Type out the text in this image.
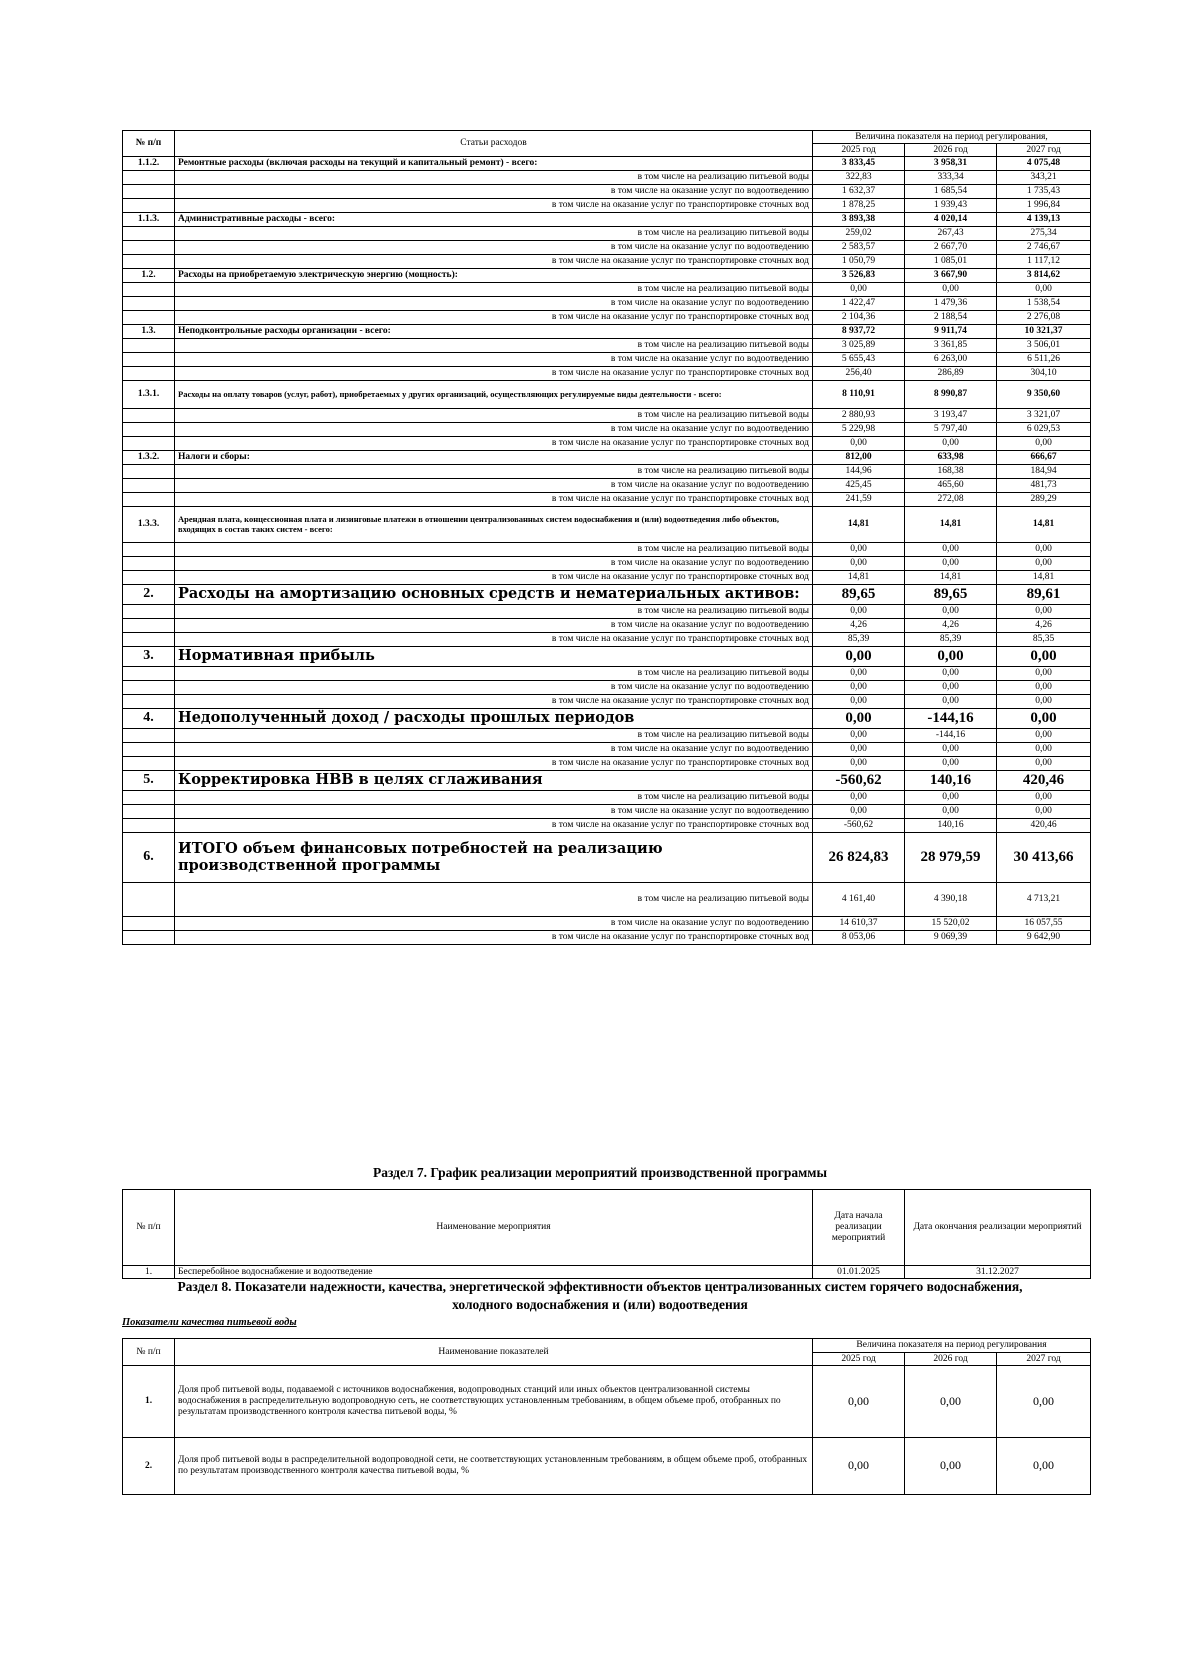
№ п/п	Статьи расходов	Величина показателя на период регулирования,		
		2025 год	2026 год	2027 год
1.1.2.	Ремонтные расходы (включая расходы на текущий и капитальный ремонт) - всего:	3 833,45	3 958,31	4 075,48
	в том числе на реализацию питьевой воды	322,83	333,34	343,21
	в том числе на оказание услуг по водоотведению	1 632,37	1 685,54	1 735,43
	в том числе на оказание услуг по транспортировке сточных вод	1 878,25	1 939,43	1 996,84
1.1.3.	Административные расходы - всего:	3 893,38	4 020,14	4 139,13
	в том числе на реализацию питьевой воды	259,02	267,43	275,34
	в том числе на оказание услуг по водоотведению	2 583,57	2 667,70	2 746,67
	в том числе на оказание услуг по транспортировке сточных вод	1 050,79	1 085,01	1 117,12
1.2.	Расходы на приобретаемую электрическую энергию (мощность):	3 526,83	3 667,90	3 814,62
	в том числе на реализацию питьевой воды	0,00	0,00	0,00
	в том числе на оказание услуг по водоотведению	1 422,47	1 479,36	1 538,54
	в том числе на оказание услуг по транспортировке сточных вод	2 104,36	2 188,54	2 276,08
1.3.	Неподконтрольные расходы организации - всего:	8 937,72	9 911,74	10 321,37
	в том числе на реализацию питьевой воды	3 025,89	3 361,85	3 506,01
	в том числе на оказание услуг по водоотведению	5 655,43	6 263,00	6 511,26
	в том числе на оказание услуг по транспортировке сточных вод	256,40	286,89	304,10
1.3.1.	Расходы на оплату товаров (услуг, работ), приобретаемых у других организаций, осуществляющих регулируемые виды деятельности - всего:	8 110,91	8 990,87	9 350,60
	в том числе на реализацию питьевой воды	2 880,93	3 193,47	3 321,07
	в том числе на оказание услуг по водоотведению	5 229,98	5 797,40	6 029,53
	в том числе на оказание услуг по транспортировке сточных вод	0,00	0,00	0,00
1.3.2.	Налоги и сборы:	812,00	633,98	666,67
	в том числе на реализацию питьевой воды	144,96	168,38	184,94
	в том числе на оказание услуг по водоотведению	425,45	465,60	481,73
	в том числе на оказание услуг по транспортировке сточных вод	241,59	272,08	289,29
1.3.3.	Арендная плата, концессионная плата и лизинговые платежи в отношении централизованных систем водоснабжения и (или) водоотведения либо объектов, входящих в состав таких систем - всего:	14,81	14,81	14,81
	в том числе на реализацию питьевой воды	0,00	0,00	0,00
	в том числе на оказание услуг по водоотведению	0,00	0,00	0,00
	в том числе на оказание услуг по транспортировке сточных вод	14,81	14,81	14,81
2.	Расходы на амортизацию основных средств и нематериальных активов:	89,65	89,65	89,61
	в том числе на реализацию питьевой воды	0,00	0,00	0,00
	в том числе на оказание услуг по водоотведению	4,26	4,26	4,26
	в том числе на оказание услуг по транспортировке сточных вод	85,39	85,39	85,35
3.	Нормативная прибыль	0,00	0,00	0,00
	в том числе на реализацию питьевой воды	0,00	0,00	0,00
	в том числе на оказание услуг по водоотведению	0,00	0,00	0,00
	в том числе на оказание услуг по транспортировке сточных вод	0,00	0,00	0,00
4.	Недополученный доход / расходы прошлых периодов	0,00	-144,16	0,00
	в том числе на реализацию питьевой воды	0,00	-144,16	0,00
	в том числе на оказание услуг по водоотведению	0,00	0,00	0,00
	в том числе на оказание услуг по транспортировке сточных вод	0,00	0,00	0,00
5.	Корректировка НВВ в целях сглаживания	-560,62	140,16	420,46
	в том числе на реализацию питьевой воды	0,00	0,00	0,00
	в том числе на оказание услуг по водоотведению	0,00	0,00	0,00
	в том числе на оказание услуг по транспортировке сточных вод	-560,62	140,16	420,46
6.	ИТОГО объем финансовых потребностей на реализацию производственной программы	26 824,83	28 979,59	30 413,66
	в том числе на реализацию питьевой воды	4 161,40	4 390,18	4 713,21
	в том числе на оказание услуг по водоотведению	14 610,37	15 520,02	16 057,55
	в том числе на оказание услуг по транспортировке сточных вод	8 053,06	9 069,39	9 642,90
Раздел 7. График реализации мероприятий производственной программы
№ п/п	Наименование мероприятия	Дата начала реализации мероприятий	Дата окончания реализации мероприятий
1.	Бесперебойное водоснабжение и водоотведение	01.01.2025	31.12.2027
Раздел 8. Показатели надежности, качества, энергетической эффективности объектов централизованных систем горячего водоснабжения,
холодного водоснабжения и (или) водоотведения
Показатели качества питьевой воды
№ п/п	Наименование показателей	Величина показателя на период регулирования		
		2025 год	2026 год	2027 год
1.	Доля проб питьевой воды, подаваемой с источников водоснабжения, водопроводных станций или иных объектов централизованной системы водоснабжения в распределительную водопроводную сеть, не соответствующих установленным требованиям, в общем объеме проб, отобранных по результатам производственного контроля качества питьевой воды, %	0,00	0,00	0,00
2.	Доля проб питьевой воды в распределительной водопроводной сети, не соответствующих установленным требованиям, в общем объеме проб, отобранных по результатам производственного контроля качества питьевой воды, %	0,00	0,00	0,00
